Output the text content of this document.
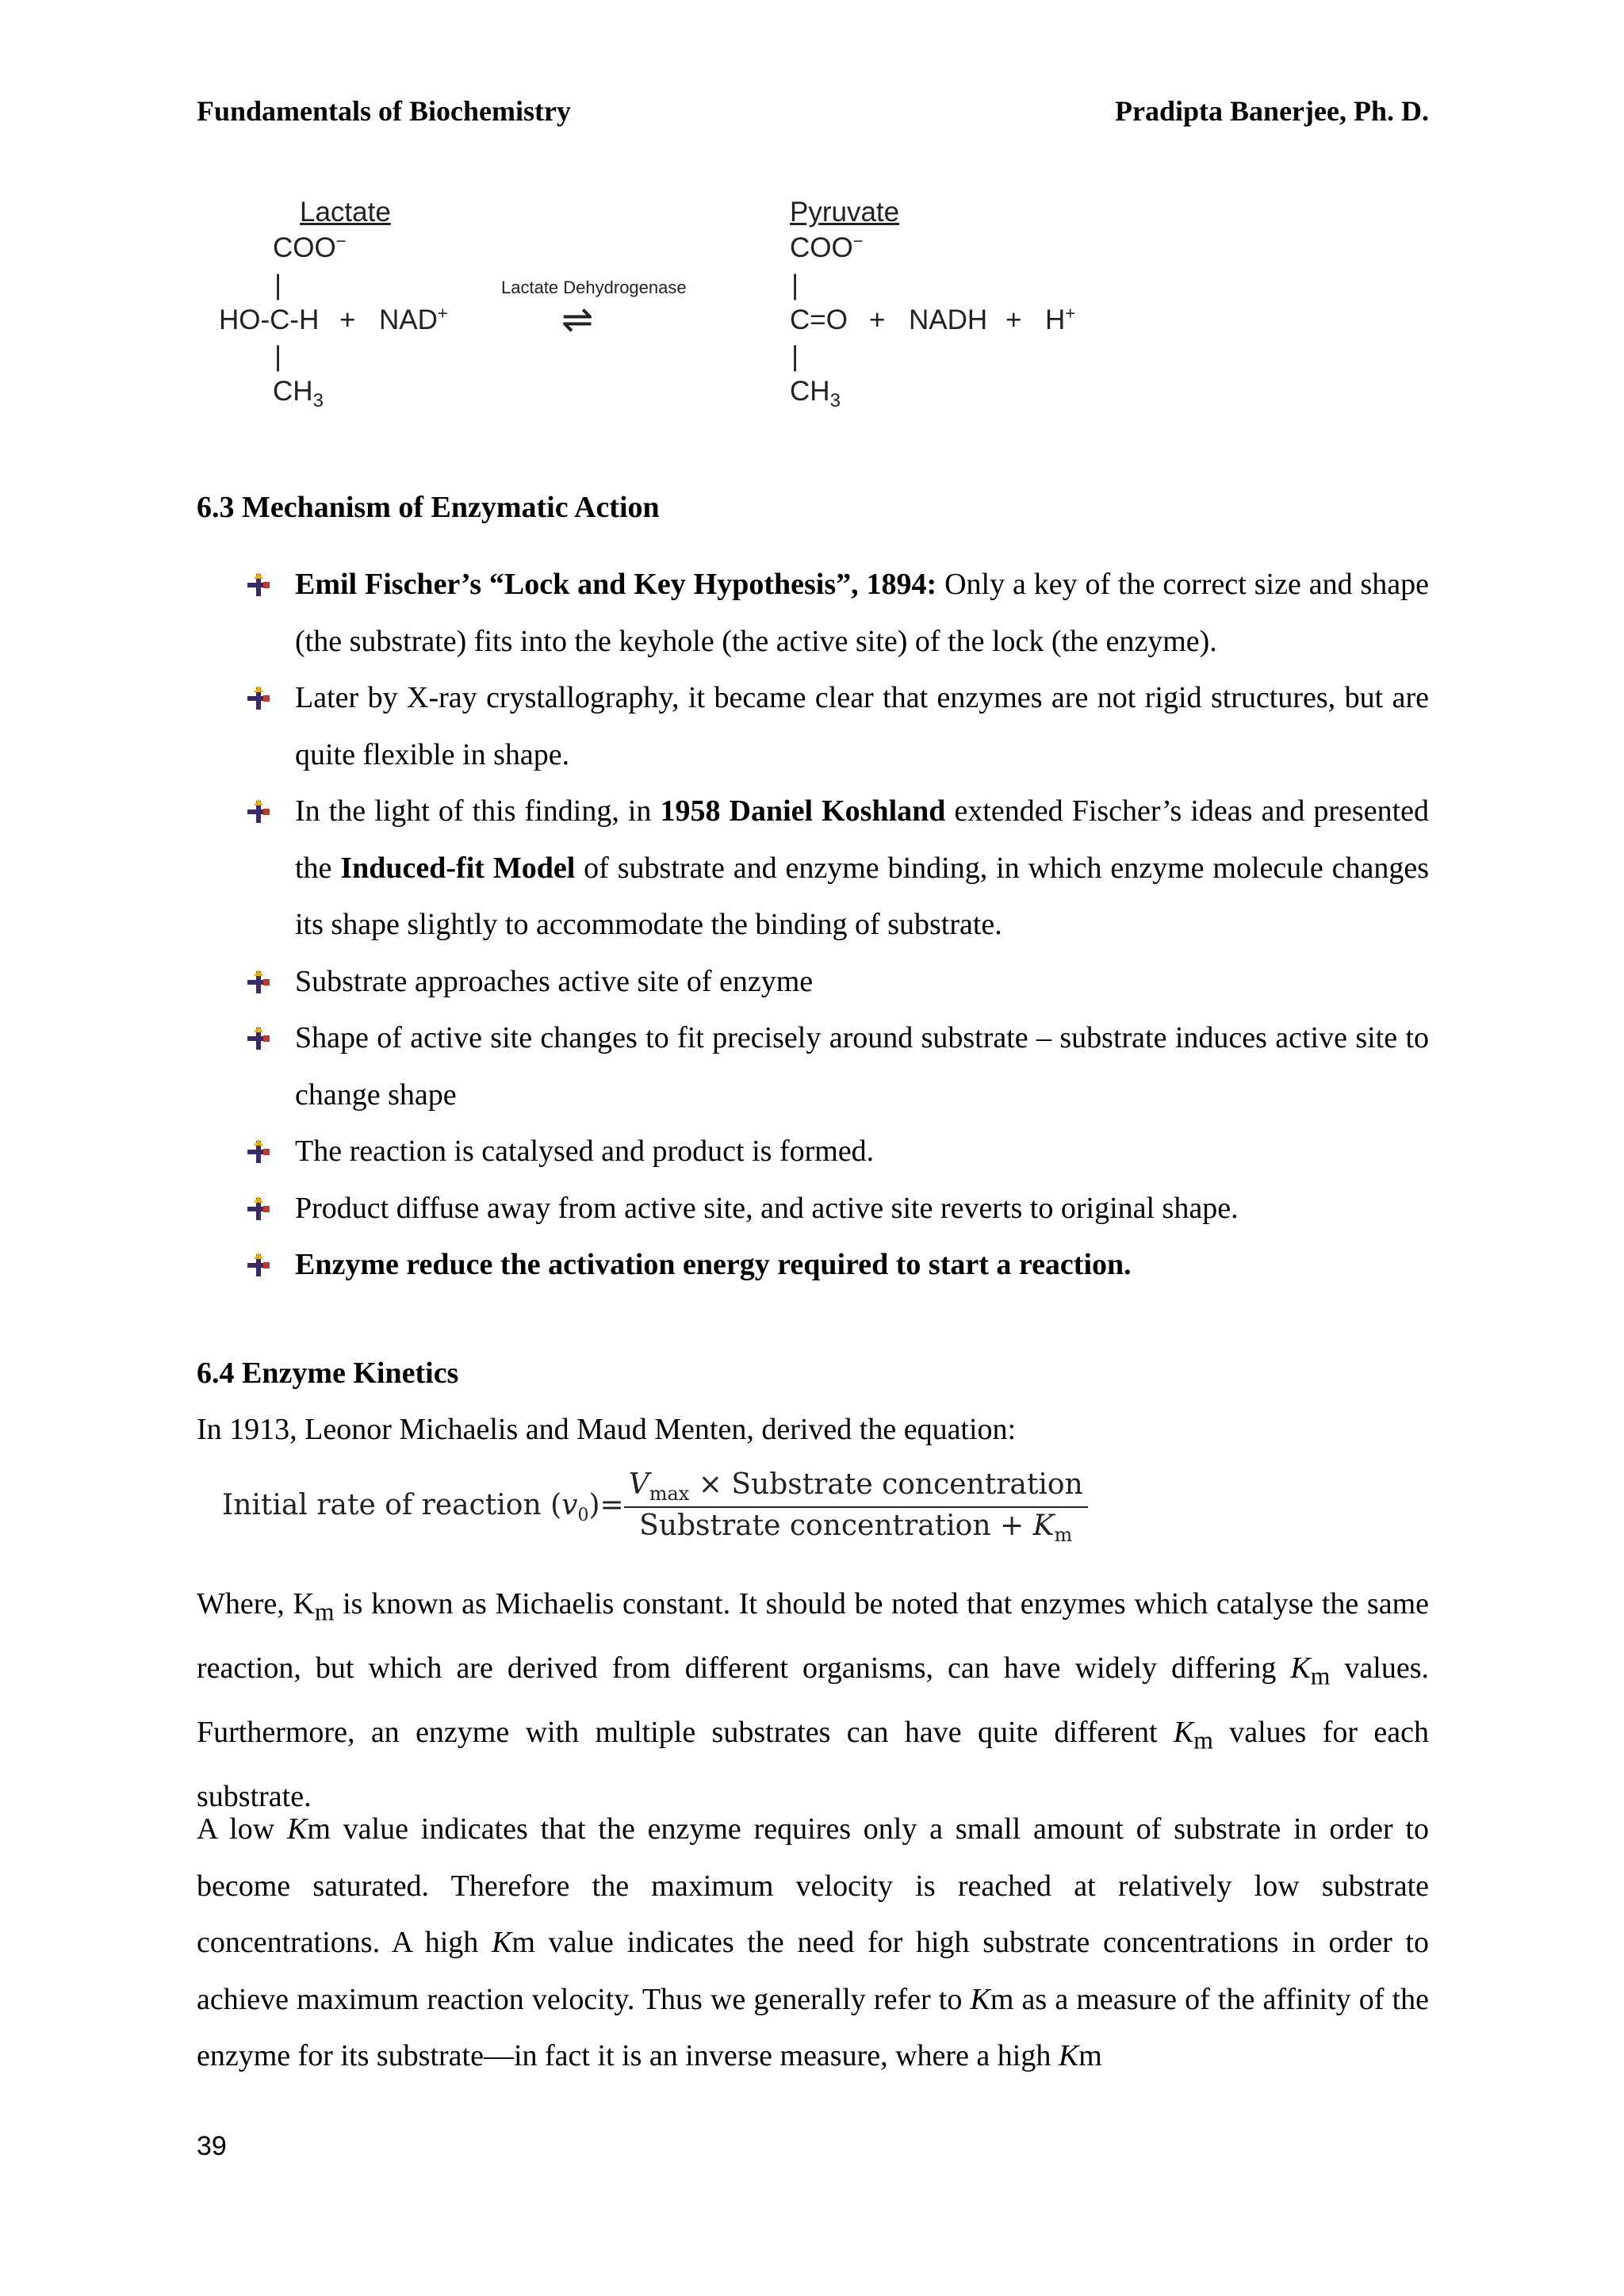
Fundamentals of Biochemistry	Pradipta Banerjee, Ph. D.
Lactate
COO−
|
HO-C-H + NAD+
|
$CH_3$
Lactate Dehydrogenase
⇌
Pyruvate
COO−
|
C=O + NADH + H+
|
$CH_3$
6.3 Mechanism of Enzymatic Action
Emil Fischer’s “Lock and Key Hypothesis”, 1894: Only a key of the correct size and shape (the substrate) fits into the keyhole (the active site) of the lock (the enzyme).
Later by X-ray crystallography, it became clear that enzymes are not rigid structures, but are quite flexible in shape.
In the light of this finding, in 1958 Daniel Koshland extended Fischer’s ideas and presented the Induced-fit Model of substrate and enzyme binding, in which enzyme molecule changes its shape slightly to accommodate the binding of substrate.
Substrate approaches active site of enzyme
Shape of active site changes to fit precisely around substrate – substrate induces active site to change shape
The reaction is catalysed and product is formed.
Product diffuse away from active site, and active site reverts to original shape.
Enzyme reduce the activation energy required to start a reaction.
6.4 Enzyme Kinetics
In 1913, Leonor Michaelis and Maud Menten, derived the equation:
Initial rate of reaction $(v_0)= \frac{V_{max} \times Substrate concentration}{Substrate concentration + K_m}$
Where, $K_m$ is known as Michaelis constant. It should be noted that enzymes which catalyse the same reaction, but which are derived from different organisms, can have widely differing $K_m$ values. Furthermore, an enzyme with multiple substrates can have quite different $K_m$ values for each substrate.
A low Km value indicates that the enzyme requires only a small amount of substrate in order to become saturated. Therefore the maximum velocity is reached at relatively low substrate concentrations. A high Km value indicates the need for high substrate concentrations in order to achieve maximum reaction velocity. Thus we generally refer to Km as a measure of the affinity of the enzyme for its substrate—in fact it is an inverse measure, where a high Km
39
